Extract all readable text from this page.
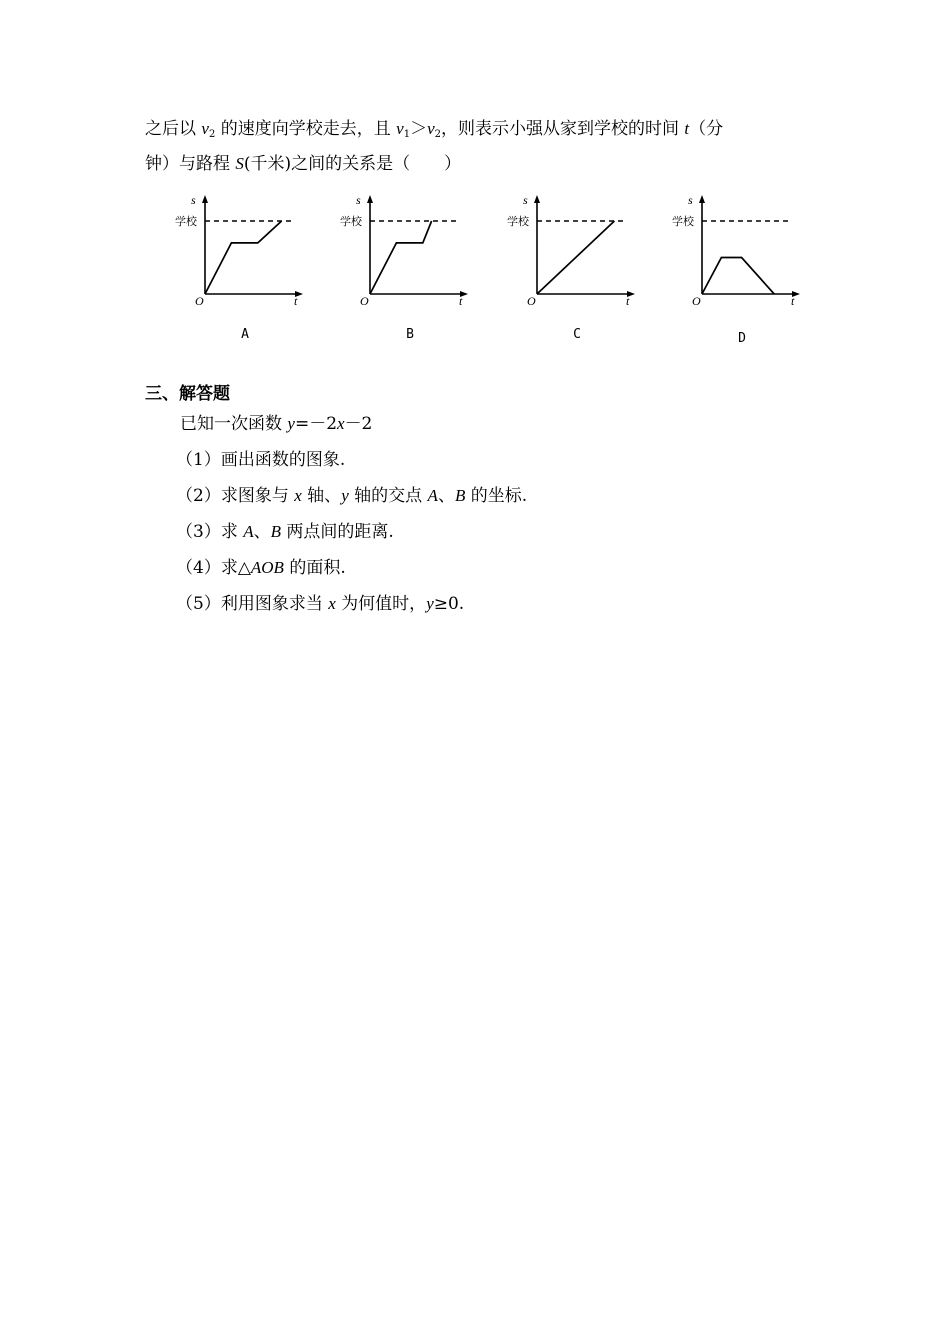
之后以 $v_2$ 的速度向学校走去，且 $v_1>v_2$，则表示小强从家到学校的时间 t（分
钟）与路程 S(千米)之间的关系是（　　）
s
t
O
学校
A
s
t
O
学校
B
s
t
O
学校
C
s
t
O
学校
D
三、解答题
已知一次函数 y=－2x－2
（1）画出函数的图象.
（2）求图象与 x 轴、y 轴的交点 A、B 的坐标.
（3）求 A、B 两点间的距离.
（4）求△AOB 的面积.
（5）利用图象求当 x 为何值时，y≥0.
